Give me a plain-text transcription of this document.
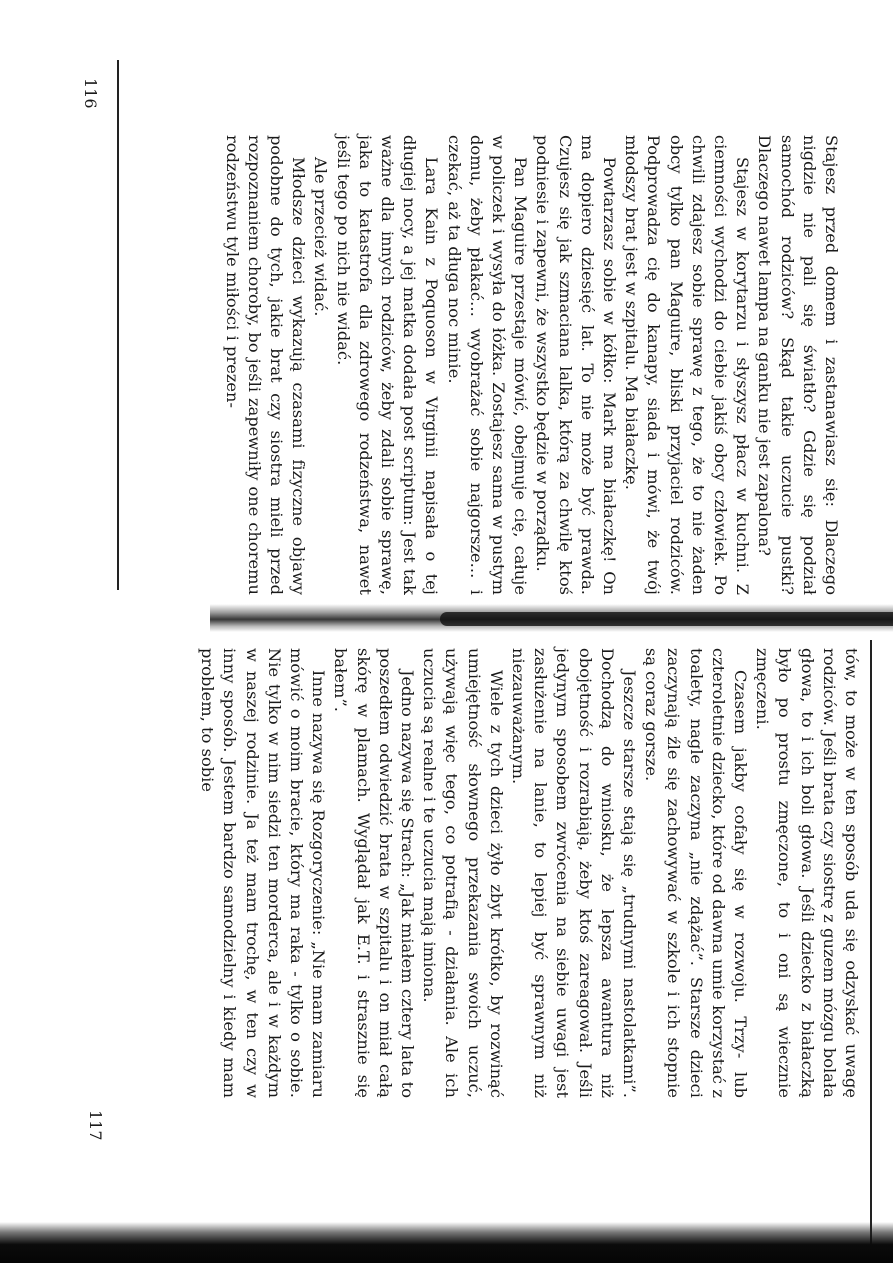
116
117

Stajesz przed domem i zastanawiasz się: Dlaczego nigdzie nie pali się światło? Gdzie się podział samochód rodziców? Skąd takie uczucie pustki? Dlaczego nawet lampa na ganku nie jest zapalona?

Stajesz w korytarzu i słyszysz płacz w kuchni. Z ciemności wychodzi do ciebie jakiś obcy człowiek. Po chwili zdajesz sobie sprawę z tego, że to nie żaden obcy tylko pan Maguire, bliski przyjaciel rodziców. Podprowadza cię do kanapy, siada i mówi, że twój młodszy brat jest w szpitalu. Ma białaczkę.

Powtarzasz sobie w kółko: Mark ma białaczkę! On ma dopiero dziesięć lat. To nie może być prawda. Czujesz się jak szmaciana lalka, którą za chwilę ktoś podniesie i zapewni, że wszystko będzie w porządku.

Pan Maguire przestaje mówić, obejmuje cię, całuje w policzek i wysyła do łóżka. Zostajesz sama w pustym domu, żeby płakać... wyobrażać sobie najgorsze... i czekać, aż ta długa noc minie.

Lara Kain z Poquoson w Virginii napisała o tej długiej nocy, a jej matka dodała post scriptum: Jest tak ważne dla innych rodziców, żeby zdali sobie sprawę, jaka to katastrofa dla zdrowego rodzeństwa, nawet jeśli tego po nich nie widać.

Ale przecież widać.

Młodsze dzieci wykazują czasami fizyczne objawy podobne do tych, jakie brat czy siostra mieli przed rozpoznaniem choroby, bo jeśli zapewniły one choremu rodzeństwu tyle miłości i prezen-

tów, to może w ten sposób uda się odzyskać uwagę rodziców. Jeśli brata czy siostrę z guzem mózgu bolała głowa, to i ich boli głowa. Jeśli dziecko z białaczką było po prostu zmęczone, to i oni są wiecznie zmęczeni.

Czasem jakby cofały się w rozwoju. Trzy- lub czteroletnie dziecko, które od dawna umie korzystać z toalety, nagle zaczyna „nie zdążać”. Starsze dzieci zaczynają źle się zachowywać w szkole i ich stopnie są coraz gorsze.

Jeszcze starsze stają się „trudnymi nastolatkami”. Dochodzą do wniosku, że lepsza awantura niż obojętność i rozrabiają, żeby ktoś zareagował. Jeśli jedynym sposobem zwrócenia na siebie uwagi jest zasłużenie na lanie, to lepiej być sprawnym niż niezauważanym.

Wiele z tych dzieci żyło zbyt krótko, by rozwinąć umiejętność słownego przekazania swoich uczuć, używają więc tego, co potrafią - działania. Ale ich uczucia są realne i te uczucia mają imiona.

Jedno nazywa się Strach: „Jak miałem cztery lata to poszedłem odwiedzić brata w szpitalu i on miał całą skórę w plamach. Wyglądał jak E.T. i strasznie się bałem”.

Inne nazywa się Rozgoryczenie: „Nie mam zamiaru mówić o moim bracie, który ma raka - tylko o sobie. Nie tylko w nim siedzi ten morderca, ale i w każdym w naszej rodzinie. Ja też mam trochę, w ten czy w inny sposób. Jestem bardzo samodzielny i kiedy mam problem, to sobie
